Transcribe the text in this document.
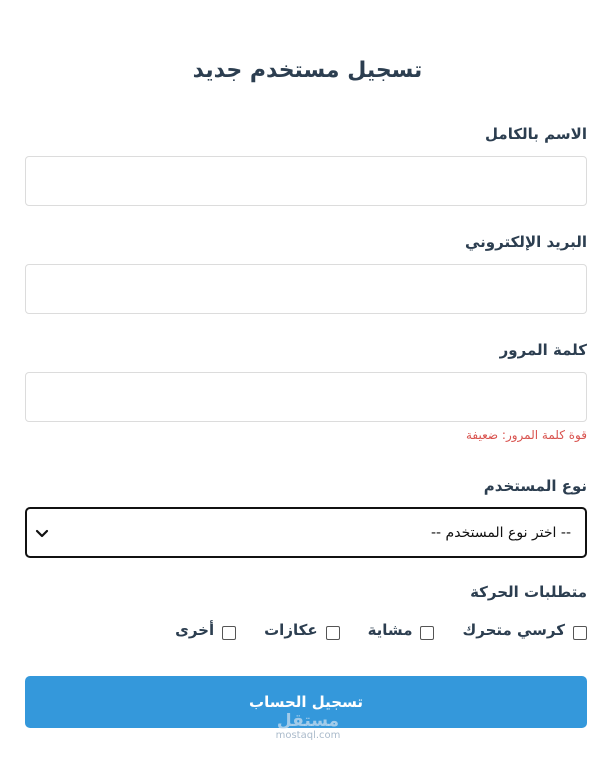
تسجيل مستخدم جديد
الاسم بالكامل
البريد الإلكتروني
كلمة المرور
قوة كلمة المرور: ضعيفة
نوع المستخدم
-- اختر نوع المستخدم --
متطلبات الحركة
كرسي متحرك
مشاية
عكازات
أخرى
تسجيل الحساب
مستقل
mostaql.com
